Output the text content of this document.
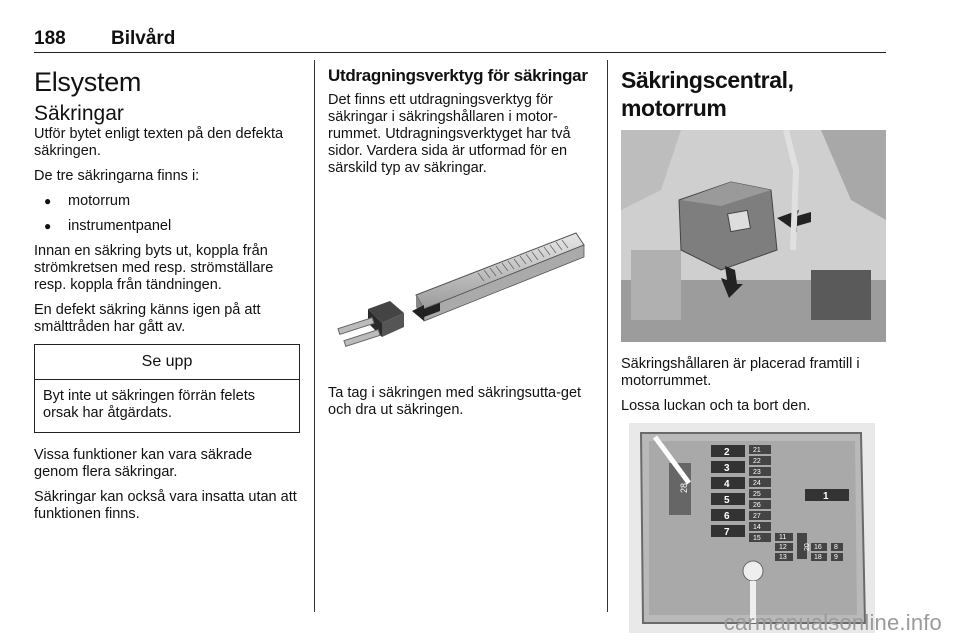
188 Bilvård
Elsystem
Säkringar

Utför bytet enligt texten på den defekta säkringen.

De tre säkringarna finns i:

● motorrum
● instrumentpanel

Innan en säkring byts ut, koppla från strömkretsen med resp. strömställare resp. koppla från tändningen.

En defekt säkring känns igen på att smälttråden har gått av.

Se upp
Byt inte ut säkringen förrän felets orsak har åtgärdats.

Vissa funktioner kan vara säkrade genom flera säkringar.

Säkringar kan också vara insatta utan att funktionen finns.

Utdragningsverktyg för säkringar

Det finns ett utdragningsverktyg för säkringar i säkringshållaren i motor-rummet. Utdragningsverktyget har två sidor. Vardera sida är utformad för en särskild typ av säkringar.

Ta tag i säkringen med säkringsutta-get och dra ut säkringen.

Säkringscentral, motorrum

Säkringshållaren är placerad framtill i motorrummet.

Lossa luckan och ta bort den.

28
2
3
4
5
6
7
21
22
23
24
25
26
27
14
15	11
12
13
20 16
18
8
9
1
carmanualsonline.info
